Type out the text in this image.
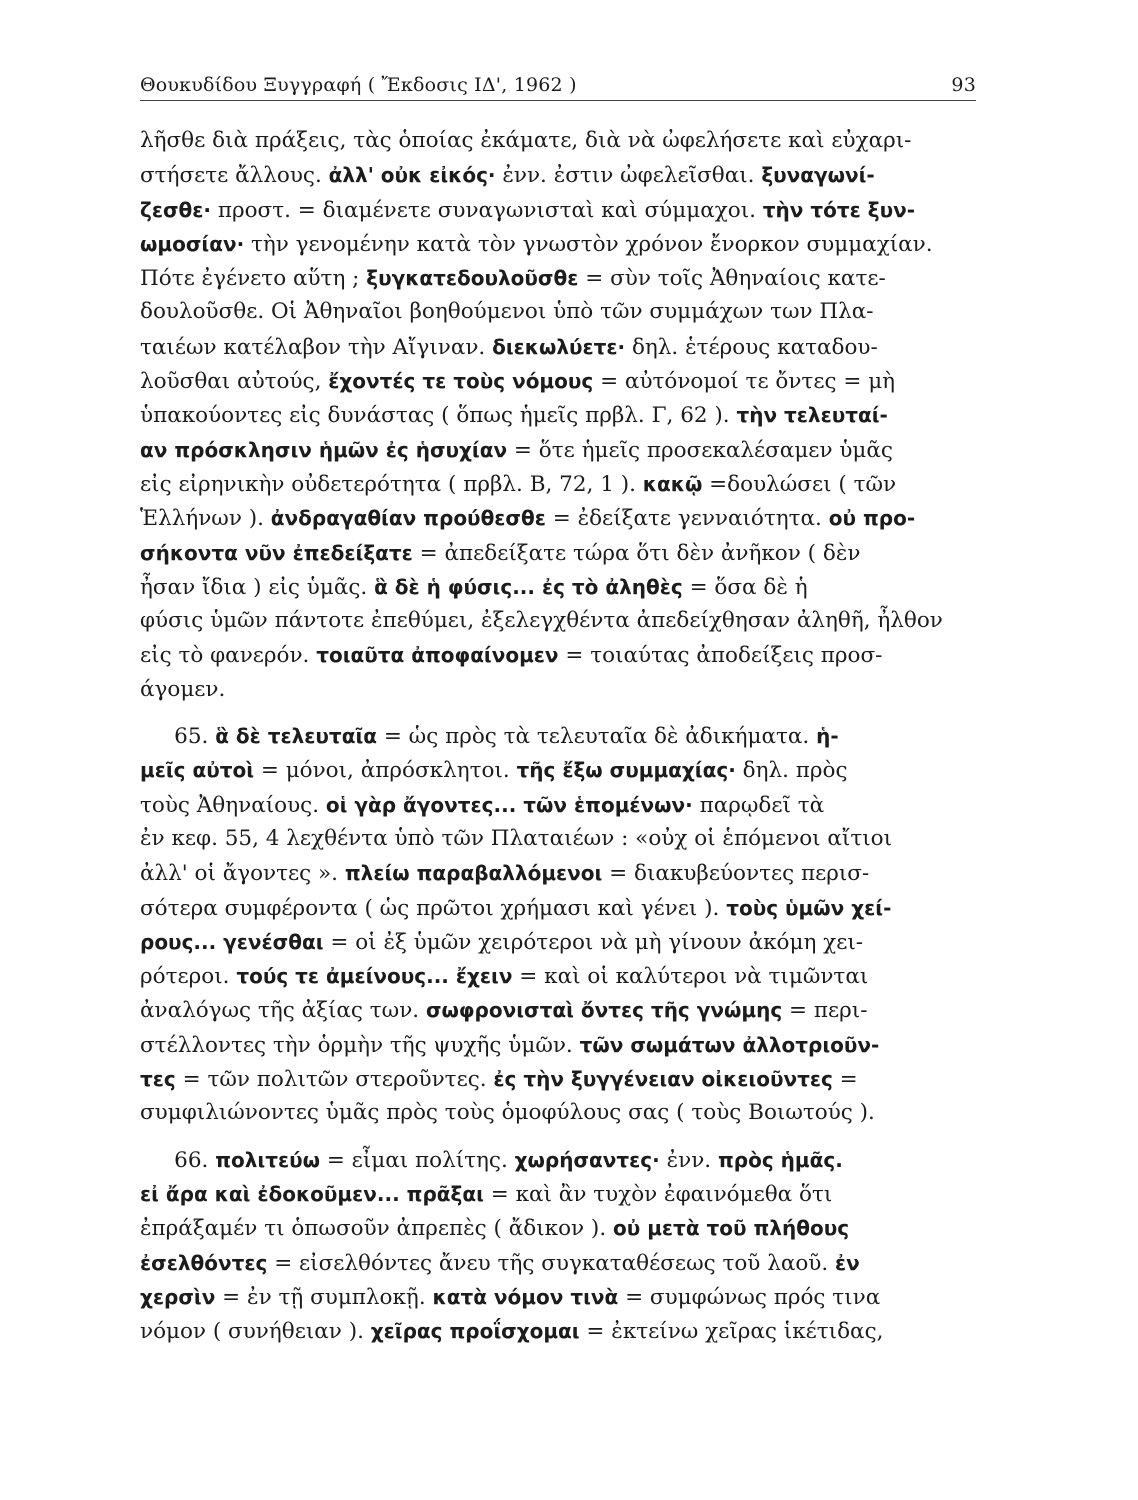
Θουκυδίδου Ξυγγραφή ( Ἔκδοσις ΙΔ', 1962 )	93
λῆσθε διὰ πράξεις, τὰς ὁποίας ἐκάματε, διὰ νὰ ὠφελήσετε καὶ εὐχαρι-
στήσετε ἄλλους. ἀλλ' οὐκ εἰκός· ἐνν. ἐστιν ὠφελεῖσθαι. ξυναγωνί-
ζεσθε· προστ. = διαμένετε συναγωνισταὶ καὶ σύμμαχοι. τὴν τότε ξυν-
ωμοσίαν· τὴν γενομένην κατὰ τὸν γνωστὸν χρόνον ἔνορκον συμμαχίαν.
Πότε ἐγένετο αὕτη ; ξυγκατεδουλοῦσθε = σὺν τοῖς Ἀθηναίοις κατε-
δουλοῦσθε. Οἱ Ἀθηναῖοι βοηθούμενοι ὑπὸ τῶν συμμάχων των Πλα-
ταιέων κατέλαβον τὴν Αἴγιναν. διεκωλύετε· δηλ. ἑτέρους καταδου-
λοῦσθαι αὐτούς, ἔχοντές τε τοὺς νόμους = αὐτόνομοί τε ὄντες = μὴ
ὑπακούοντες εἰς δυνάστας ( ὅπως ἡμεῖς πρβλ. Γ, 62 ). τὴν τελευταί-
αν πρόσκλησιν ἡμῶν ἐς ἡσυχίαν = ὅτε ἡμεῖς προσεκαλέσαμεν ὑμᾶς
εἰς εἰρηνικὴν οὐδετερότητα ( πρβλ. Β, 72, 1 ). κακῷ =δουλώσει ( τῶν
Ἑλλήνων ). ἀνδραγαθίαν προύθεσθε = ἐδείξατε γενναιότητα. οὐ προ-
σήκοντα νῦν ἐπεδείξατε = ἀπεδείξατε τώρα ὅτι δὲν ἀνῆκον ( δὲν
ἦσαν ἴδια ) εἰς ὑμᾶς. ἃ δὲ ἡ φύσις... ἐς τὸ ἀληθὲς = ὅσα δὲ ἡ
φύσις ὑμῶν πάντοτε ἐπεθύμει, ἐξελεγχθέντα ἀπεδείχθησαν ἀληθῆ, ἦλθον
εἰς τὸ φανερόν. τοιαῦτα ἀποφαίνομεν = τοιαύτας ἀποδείξεις προσ-
άγομεν.
65. ἃ δὲ τελευταῖα = ὡς πρὸς τὰ τελευταῖα δὲ ἀδικήματα. ἡ-
μεῖς αὐτοὶ = μόνοι, ἀπρόσκλητοι. τῆς ἔξω συμμαχίας· δηλ. πρὸς
τοὺς Ἀθηναίους. οἱ γὰρ ἄγοντες... τῶν ἑπομένων· παρῳδεῖ τὰ
ἐν κεφ. 55, 4 λεχθέντα ὑπὸ τῶν Πλαταιέων : «οὐχ οἱ ἑπόμενοι αἴτιοι
ἀλλ' οἱ ἄγοντες ». πλείω παραβαλλόμενοι = διακυβεύοντες περισ-
σότερα συμφέροντα ( ὡς πρῶτοι χρήμασι καὶ γένει ). τοὺς ὑμῶν χεί-
ρους... γενέσθαι = οἱ ἐξ ὑμῶν χειρότεροι νὰ μὴ γίνουν ἀκόμη χει-
ρότεροι. τούς τε ἀμείνους... ἔχειν = καὶ οἱ καλύτεροι νὰ τιμῶνται
ἀναλόγως τῆς ἀξίας των. σωφρονισταὶ ὄντες τῆς γνώμης = περι-
στέλλοντες τὴν ὁρμὴν τῆς ψυχῆς ὑμῶν. τῶν σωμάτων ἀλλοτριοῦν-
τες = τῶν πολιτῶν στεροῦντες. ἐς τὴν ξυγγένειαν οἰκειοῦντες =
συμφιλιώνοντες ὑμᾶς πρὸς τοὺς ὁμοφύλους σας ( τοὺς Βοιωτούς ).
66. πολιτεύω = εἶμαι πολίτης. χωρήσαντες· ἐνν. πρὸς ἡμᾶς.
εἰ ἄρα καὶ ἐδοκοῦμεν... πρᾶξαι = καὶ ἂν τυχὸν ἐφαινόμεθα ὅτι
ἐπράξαμέν τι ὁπωσοῦν ἀπρεπὲς ( ἄδικον ). οὐ μετὰ τοῦ πλήθους
ἐσελθόντες = εἰσελθόντες ἄνευ τῆς συγκαταθέσεως τοῦ λαοῦ. ἐν
χερσὶν = ἐν τῇ συμπλοκῇ. κατὰ νόμον τινὰ = συμφώνως πρός τινα
νόμον ( συνήθειαν ). χεῖρας προΐσχομαι = ἐκτείνω χεῖρας ἱκέτιδας,
